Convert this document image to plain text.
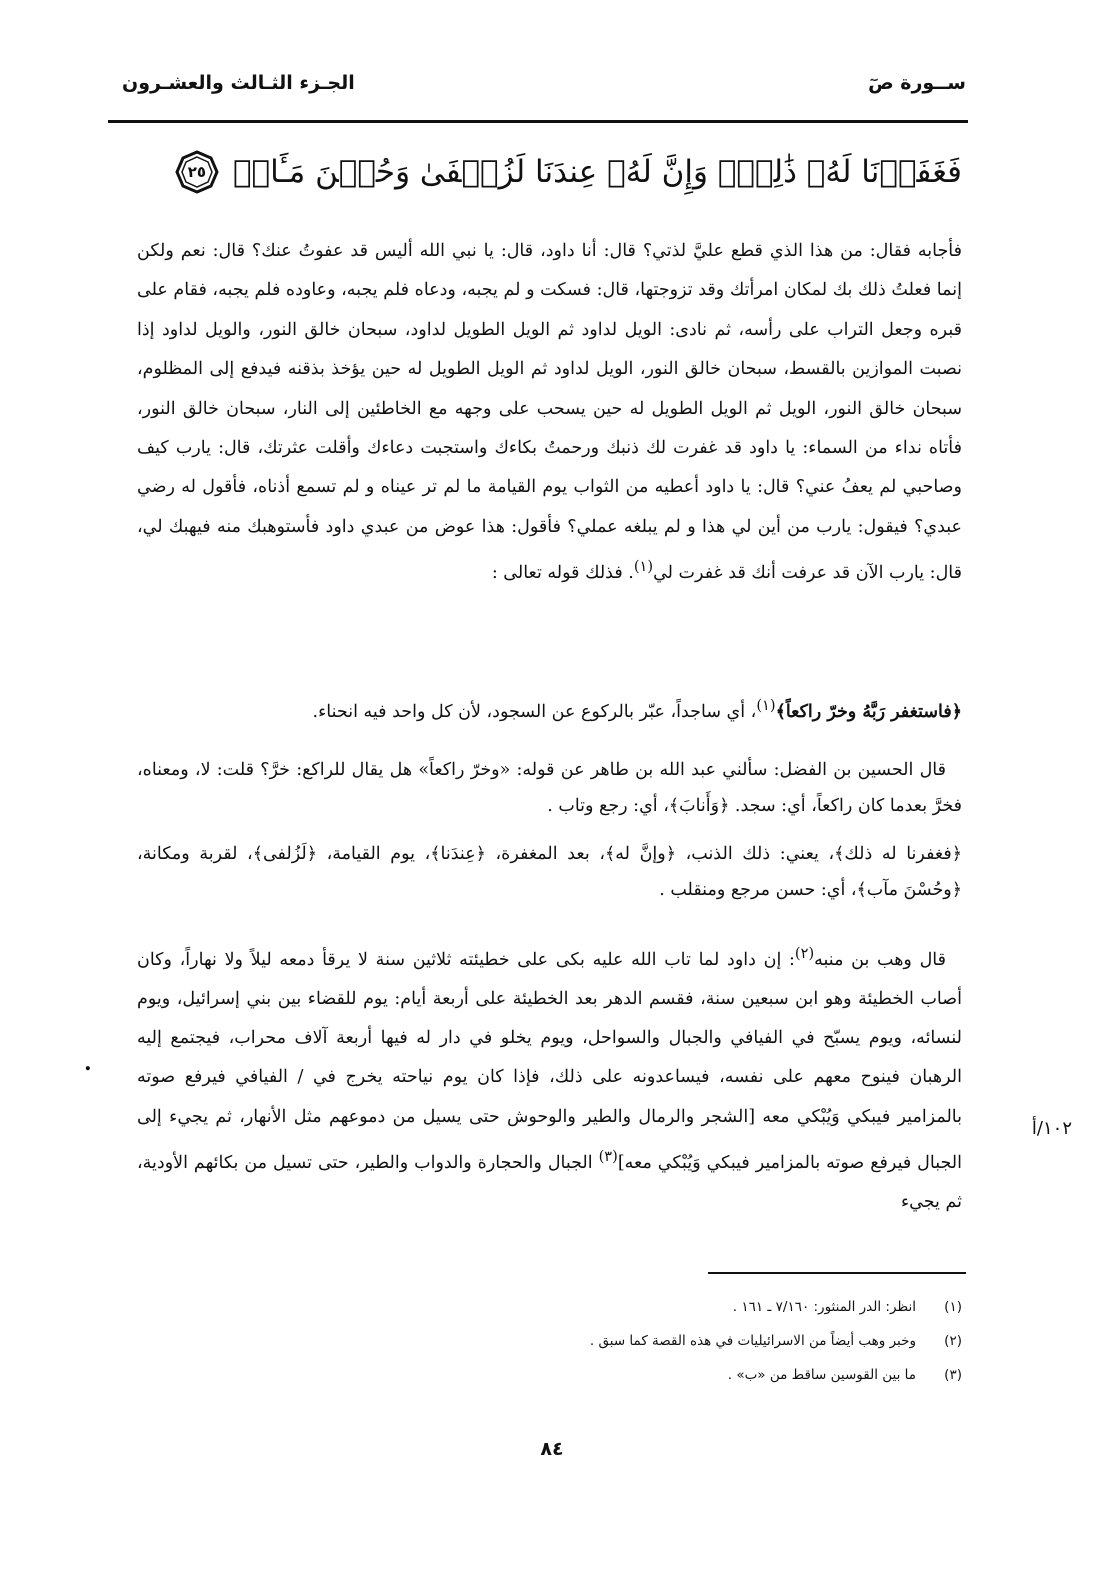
ســورة صٓ
الجـزء الثـالث والعشـرون
فَغَفَرۡنَا لَهُۥ ذَٰلِكَۖ وَإِنَّ لَهُۥ عِندَنَا لَزُلۡفَىٰ وَحُسۡنَ مَـَٔابٖ
٢٥

فأجابه فقال: من هذا الذي قطع عليَّ لذتي؟ قال: أنا داود، قال: يا نبي الله أليس قد عفوتُ عنك؟ قال: نعم ولكن إنما فعلتُ ذلك بك لمكان امرأتك وقد تزوجتها، قال: فسكت و لم يجبه، ودعاه فلم يجبه، وعاوده فلم يجبه، فقام على قبره وجعل التراب على رأسه، ثم نادى: الويل لداود ثم الويل الطويل لداود، سبحان خالق النور، والويل لداود إذا نصبت الموازين بالقسط، سبحان خالق النور، الويل لداود ثم الويل الطويل له حين يؤخذ بذقنه فيدفع إلى المظلوم، سبحان خالق النور، الويل ثم الويل الطويل له حين يسحب على وجهه مع الخاطئين إلى النار، سبحان خالق النور، فأتاه نداء من السماء: يا داود قد غفرت لك ذنبك ورحمتُ بكاءك واستجبت دعاءك وأقلت عثرتك، قال: يارب كيف وصاحبي لم يعفُ عني؟ قال: يا داود أعطيه من الثواب يوم القيامة ما لم تر عيناه و لم تسمع أذناه، فأقول له رضي عبدي؟ فيقول: يارب من أين لي هذا و لم يبلغه عملي؟ فأقول: هذا عوض من عبدي داود فأستوهبك منه فيهبك لي، قال: يارب الآن قد عرفت أنك قد غفرت لي$^{(١)}$. فذلك قوله تعالى :

﴿فاستغفر رَبَّهُ وخرّ راكعاً﴾$^{(١)}$، أي ساجداً، عبّر بالركوع عن السجود، لأن كل واحد فيه انحناء.

قال الحسين بن الفضل: سألني عبد الله بن طاهر عن قوله: «وخرّ راكعاً» هل يقال للراكع: خرَّ؟ قلت: لا، ومعناه، فخرَّ بعدما كان راكعاً، أي: سجد. ﴿وَأَنابَ﴾، أي: رجع وتاب .

﴿فغفرنا له ذلك﴾، يعني: ذلك الذنب، ﴿وإنَّ له﴾، بعد المغفرة، ﴿عِندَنا﴾، يوم القيامة، ﴿لَزُلفى﴾، لقربة ومكانة، ﴿وحُسْنَ مآب﴾، أي: حسن مرجع ومنقلب .

قال وهب بن منبه$^{(٢)}$: إن داود لما تاب الله عليه بكى على خطيئته ثلاثين سنة لا يرقأ دمعه ليلاً ولا نهاراً، وكان أصاب الخطيئة وهو ابن سبعين سنة، فقسم الدهر بعد الخطيئة على أربعة أيام: يوم للقضاء بين بني إسرائيل، ويوم لنسائه، ويوم يسبّح في الفيافي والجبال والسواحل، ويوم يخلو في دار له فيها أربعة آلاف محراب، فيجتمع إليه الرهبان فينوح معهم على نفسه، فيساعدونه على ذلك، فإذا كان يوم نياحته يخرج في / الفيافي فيرفع صوته بالمزامير فيبكي وَيُبْكي معه [الشجر والرمال والطير والوحوش حتى يسيل من دموعهم مثل الأنهار، ثم يجيء إلى الجبال فيرفع صوته بالمزامير فيبكي وَيُبْكي معه]$^{(٣)}$ الجبال والحجارة والدواب والطير، حتى تسيل من بكائهم الأودية، ثم يجيء

١٠٢/أ
.
(١)
انظر: الدر المنثور: ٧/١٦٠ ـ ١٦١ .
(٢)
وخبر وهب أيضاً من الاسرائيليات في هذه القصة كما سبق .
(٣)
ما بين القوسين ساقط من «ب» .
٨٤
